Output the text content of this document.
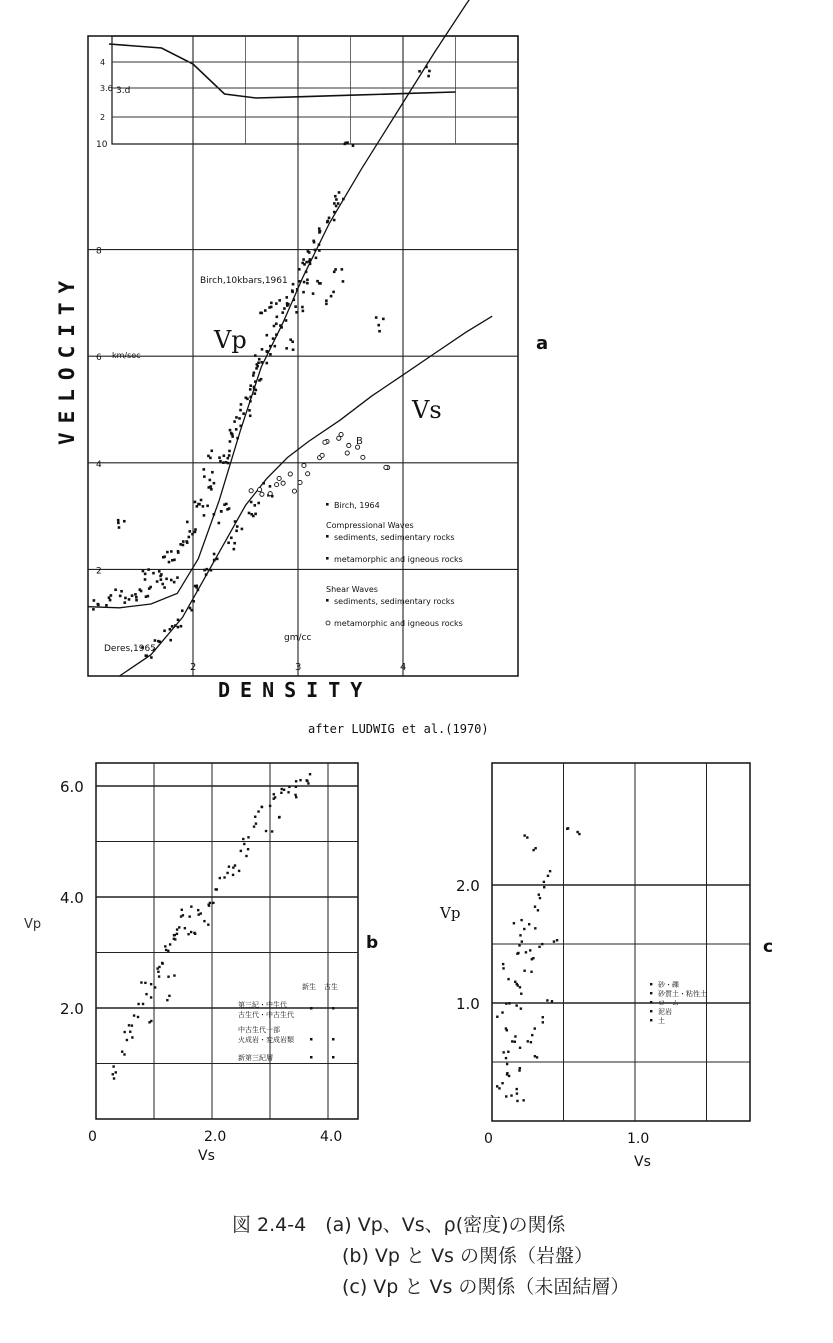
4
3.6
2
2	3	4
2
4
6
8
10
VELOCITY
DENSITY
Vp
Vs
Birch,10kbars,1961
Deres,1965
3.d
B
gm/cc
km/sec
Birch, 1964
Compressional Waves
sediments, sedimentary rocks
metamorphic and igneous rocks
Shear Waves
sediments, sedimentary rocks
metamorphic and igneous rocks
a
after LUDWIG et al.(1970)
0	2.0	4.0
2.0
4.0
6.0
新生 古生
第三紀・中生代
古生代・中古生代
中古生代一部
火成岩・変成岩類
新第三紀層
Vp
Vs
b
0	1.0
1.0
2.0
砂・礫
砂質土・粘性土
ローム
泥岩
土
Vp
Vs
c
図 2.4-4　(a) Vp、Vs、ρ(密度)の関係
(b) Vp と Vs の関係（岩盤）
(c) Vp と Vs の関係（未固結層）
